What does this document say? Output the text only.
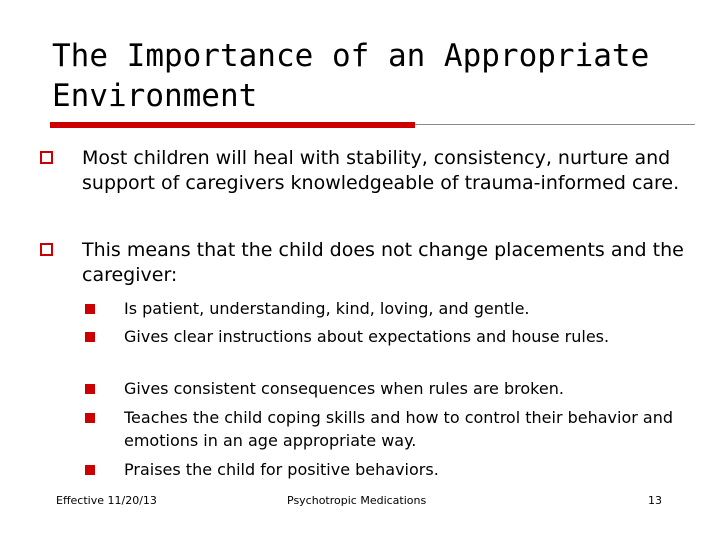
The Importance of an Appropriate Environment
Most children will heal with stability, consistency, nurture and support of caregivers knowledgeable of trauma-informed care.
This means that the child does not change placements and the caregiver:
Is patient, understanding, kind, loving, and gentle.
Gives clear instructions about expectations and house rules.
Gives consistent consequences when rules are broken.
Teaches the child coping skills and how to control their behavior and emotions in an age appropriate way.
Praises the child for positive behaviors.
Effective 11/20/13	Psychotropic Medications	13
